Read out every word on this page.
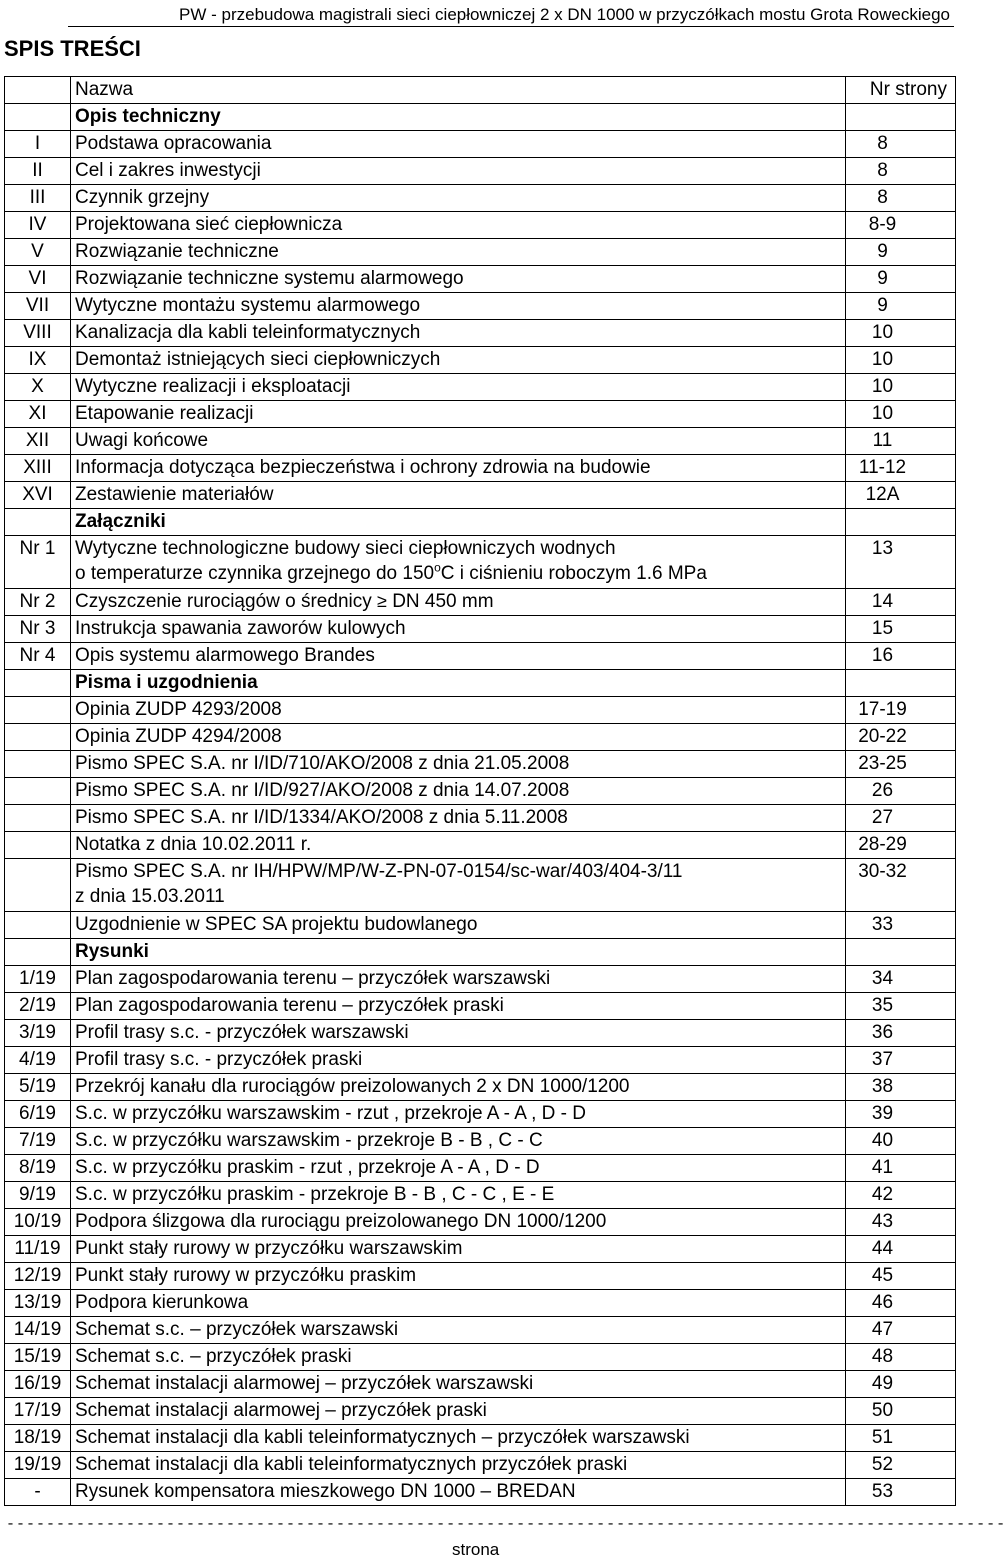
PW - przebudowa magistrali sieci ciepłowniczej 2 x DN 1000 w przyczółkach mostu Grota Roweckiego
SPIS TREŚCI
	Nazwa	Nr strony
	Opis techniczny	
I	Podstawa opracowania	8
II	Cel i zakres inwestycji	8
III	Czynnik grzejny	8
IV	Projektowana sieć ciepłownicza	8-9
V	Rozwiązanie techniczne	9
VI	Rozwiązanie techniczne systemu alarmowego	9
VII	Wytyczne montażu systemu alarmowego	9
VIII	Kanalizacja dla kabli teleinformatycznych	10
IX	Demontaż istniejących sieci ciepłowniczych	10
X	Wytyczne realizacji i eksploatacji	10
XI	Etapowanie realizacji	10
XII	Uwagi końcowe	11
XIII	Informacja dotycząca bezpieczeństwa i ochrony zdrowia na budowie	11-12
XVI	Zestawienie materiałów	12A
	Załączniki	
Nr 1	Wytyczne technologiczne budowy sieci ciepłowniczych wodnych
o temperaturze czynnika grzejnego do 150$^o$C i ciśnieniu roboczym 1.6 MPa	13
Nr 2	Czyszczenie rurociągów o średnicy ≥ DN 450 mm	14
Nr 3	Instrukcja spawania zaworów kulowych	15
Nr 4	Opis systemu alarmowego Brandes	16
	Pisma i uzgodnienia	
	Opinia ZUDP 4293/2008	17-19
	Opinia ZUDP 4294/2008	20-22
	Pismo SPEC S.A. nr I/ID/710/AKO/2008 z dnia 21.05.2008	23-25
	Pismo SPEC S.A. nr I/ID/927/AKO/2008 z dnia 14.07.2008	26
	Pismo SPEC S.A. nr I/ID/1334/AKO/2008 z dnia 5.11.2008	27
	Notatka z dnia 10.02.2011 r.	28-29
	Pismo SPEC S.A. nr IH/HPW/MP/W-Z-PN-07-0154/sc-war/403/404-3/11
z dnia 15.03.2011	30-32
	Uzgodnienie w SPEC SA projektu budowlanego	33
	Rysunki	
1/19	Plan zagospodarowania terenu – przyczółek warszawski	34
2/19	Plan zagospodarowania terenu – przyczółek praski	35
3/19	Profil trasy s.c. - przyczółek warszawski	36
4/19	Profil trasy s.c. - przyczółek praski	37
5/19	Przekrój kanału dla rurociągów preizolowanych 2 x DN 1000/1200	38
6/19	S.c. w przyczółku warszawskim - rzut , przekroje A - A , D - D	39
7/19	S.c. w przyczółku warszawskim - przekroje B - B , C - C	40
8/19	S.c. w przyczółku praskim - rzut , przekroje A - A , D - D	41
9/19	S.c. w przyczółku praskim - przekroje B - B , C - C , E - E	42
10/19	Podpora ślizgowa dla rurociągu preizolowanego DN 1000/1200	43
11/19	Punkt stały rurowy w przyczółku warszawskim	44
12/19	Punkt stały rurowy w przyczółku praskim	45
13/19	Podpora kierunkowa	46
14/19	Schemat s.c. – przyczółek warszawski	47
15/19	Schemat s.c. – przyczółek praski	48
16/19	Schemat instalacji alarmowej – przyczółek warszawski	49
17/19	Schemat instalacji alarmowej – przyczółek praski	50
18/19	Schemat instalacji dla kabli teleinformatycznych – przyczółek warszawski	51
19/19	Schemat instalacji dla kabli teleinformatycznych przyczółek praski	52
-	Rysunek kompensatora mieszkowego DN 1000 – BREDAN	53
----------------------------------------------------------------------------------------------------
strona
